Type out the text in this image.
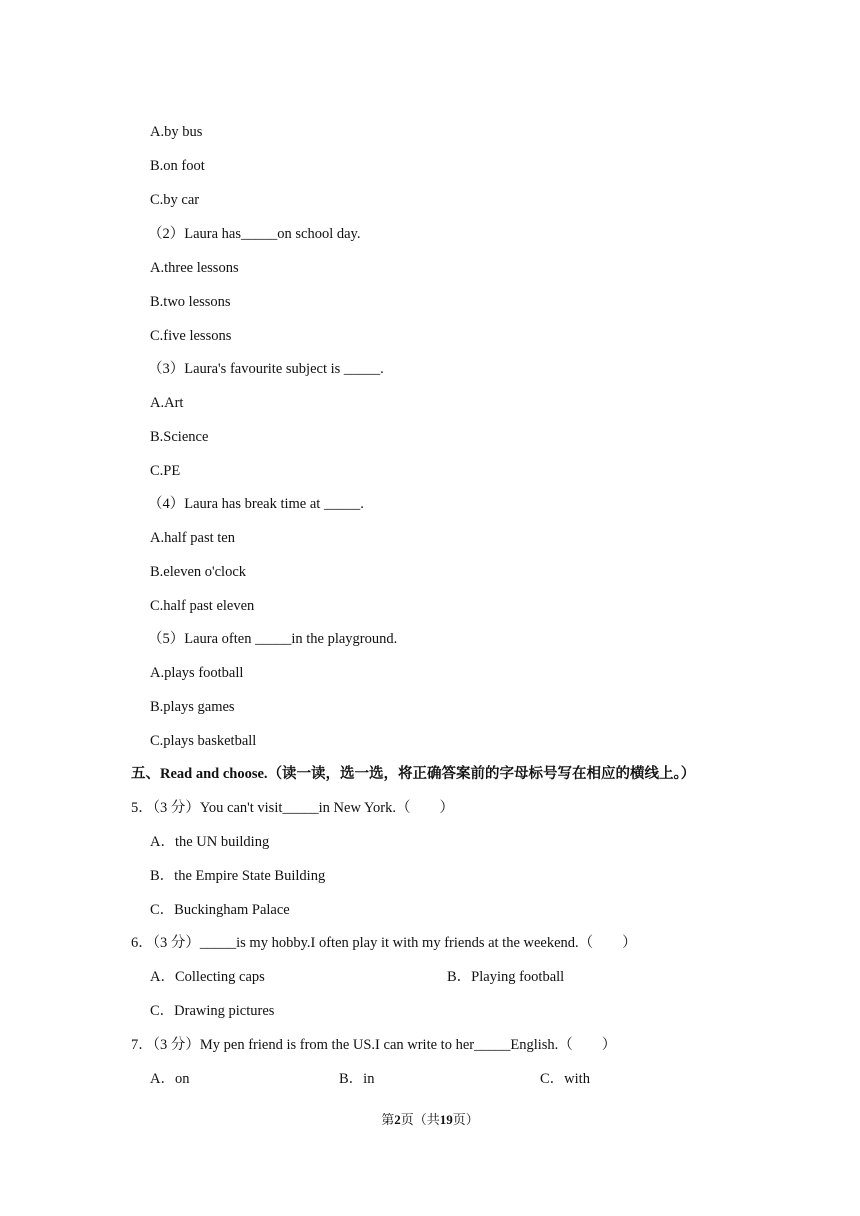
A.by bus
B.on foot
C.by car
（2）Laura has_____on school day.
A.three lessons
B.two lessons
C.five lessons
（3）Laura's favourite subject is _____.
A.Art
B.Science
C.PE
（4）Laura has break time at _____.
A.half past ten
B.eleven o'clock
C.half past eleven
（5）Laura often _____in the playground.
A.plays football
B.plays games
C.plays basketball
五、Read and choose.（读一读，选一选，将正确答案前的字母标号写在相应的横线上。）
5．（3 分）You can't visit_____in New York.（　　）
A．the UN building
B．the Empire State Building
C．Buckingham Palace
6．（3 分）_____is my hobby.I often play it with my friends at the weekend.（　　）
A．Collecting caps	B．Playing football
C．Drawing pictures
7．（3 分）My pen friend is from the US.I can write to her_____English.（　　）
A．on	B．in	C．with
第2页（共19页）
